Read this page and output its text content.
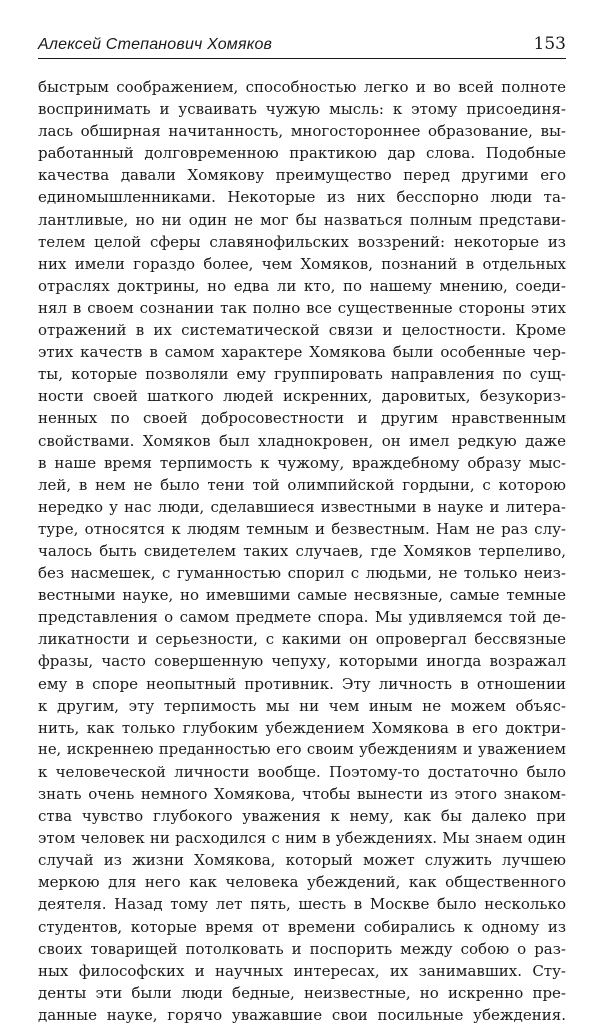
Алексей Степанович Хомяков	153
быстрым соображением, способностью легко и во всей полноте
воспринимать и усваивать чужую мысль: к этому присоединя-
лась обширная начитанность, многостороннее образование, вы-
работанный долговременною практикою дар слова. Подобные
качества давали Хомякову преимущество перед другими его
единомышленниками. Некоторые из них бесспорно люди та-
лантливые, но ни один не мог бы назваться полным представи-
телем целой сферы славянофильских воззрений: некоторые из
них имели гораздо более, чем Хомяков, познаний в отдельных
отраслях доктрины, но едва ли кто, по нашему мнению, соеди-
нял в своем сознании так полно все существенные стороны этих
отражений в их систематической связи и целостности. Кроме
этих качеств в самом характере Хомякова были особенные чер-
ты, которые позволяли ему группировать направления по сущ-
ности своей шаткого людей искренних, даровитых, безукориз-
ненных по своей добросовестности и другим нравственным
свойствами. Хомяков был хладнокровен, он имел редкую даже
в наше время терпимость к чужому, враждебному образу мыс-
лей, в нем не было тени той олимпийской гордыни, с которою
нередко у нас люди, сделавшиеся известными в науке и литера-
туре, относятся к людям темным и безвестным. Нам не раз слу-
чалось быть свидетелем таких случаев, где Хомяков терпеливо,
без насмешек, с гуманностью спорил с людьми, не только неиз-
вестными науке, но имевшими самые несвязные, самые темные
представления о самом предмете спора. Мы удивляемся той де-
ликатности и серьезности, с какими он опровергал бессвязные
фразы, часто совершенную чепуху, которыми иногда возражал
ему в споре неопытный противник. Эту личность в отношении
к другим, эту терпимость мы ни чем иным не можем объяс-
нить, как только глубоким убеждением Хомякова в его доктри-
не, искреннею преданностью его своим убеждениям и уважением
к человеческой личности вообще. Поэтому-то достаточно было
знать очень немного Хомякова, чтобы вынести из этого знаком-
ства чувство глубокого уважения к нему, как бы далеко при
этом человек ни расходился с ним в убеждениях. Мы знаем один
случай из жизни Хомякова, который может служить лучшею
меркою для него как человека убеждений, как общественного
деятеля. Назад тому лет пять, шесть в Москве было несколько
студентов, которые время от времени собирались к одному из
своих товарищей потолковать и поспорить между собою о раз-
ных философских и научных интересах, их занимавших. Сту-
денты эти были люди бедные, неизвестные, но искренно пре-
данные науке, горячо уважавшие свои посильные убеждения.
